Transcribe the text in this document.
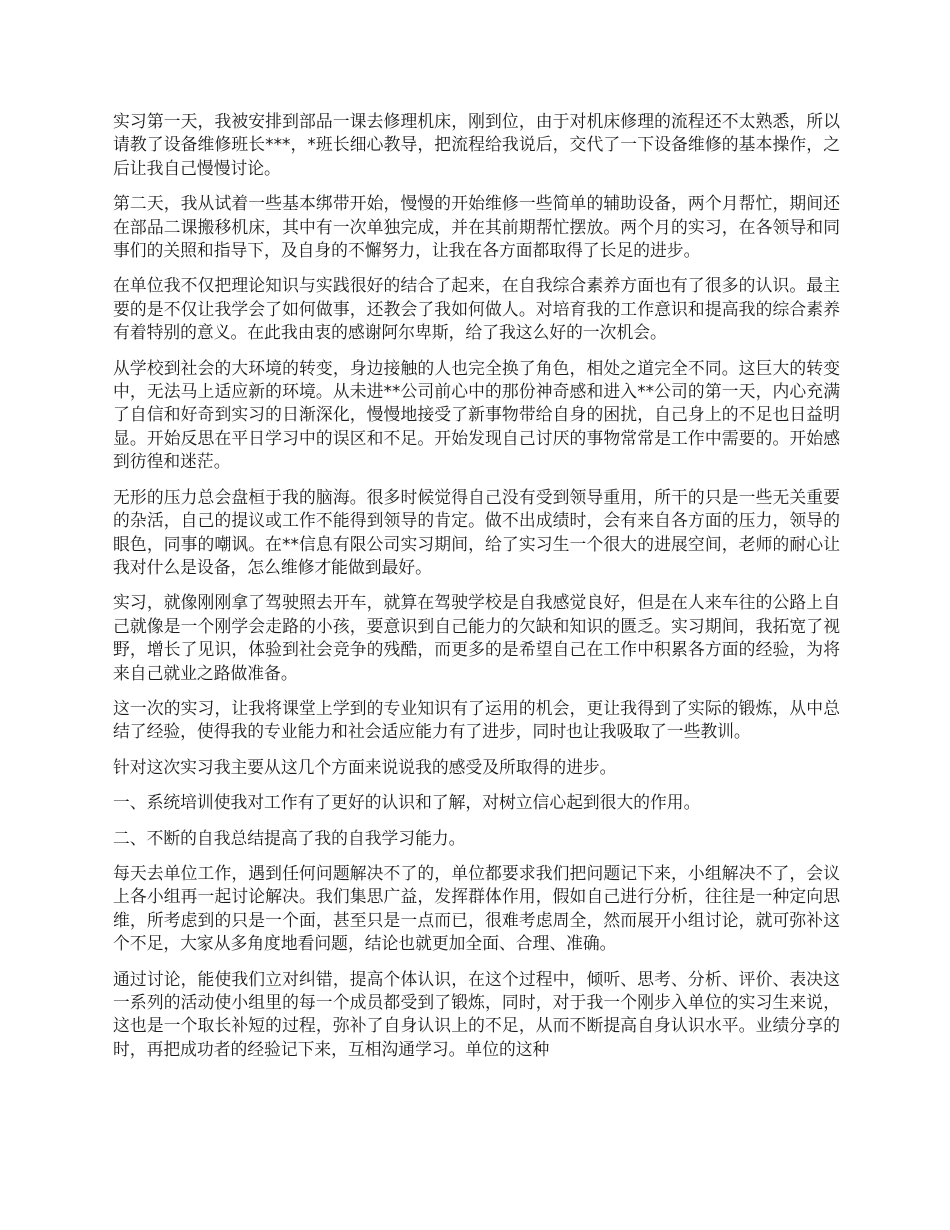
实习第一天，我被安排到部品一课去修理机床，刚到位，由于对机床修理的流程还不太熟悉，所以请教了设备维修班长***，*班长细心教导，把流程给我说后，交代了一下设备维修的基本操作，之后让我自己慢慢讨论。

第二天，我从试着一些基本绑带开始，慢慢的开始维修一些简单的辅助设备，两个月帮忙，期间还在部品二课搬移机床，其中有一次单独完成，并在其前期帮忙摆放。两个月的实习，在各领导和同事们的关照和指导下，及自身的不懈努力，让我在各方面都取得了长足的进步。

在单位我不仅把理论知识与实践很好的结合了起来，在自我综合素养方面也有了很多的认识。最主要的是不仅让我学会了如何做事，还教会了我如何做人。对培育我的工作意识和提高我的综合素养有着特别的意义。在此我由衷的感谢阿尔卑斯，给了我这么好的一次机会。

从学校到社会的大环境的转变，身边接触的人也完全换了角色，相处之道完全不同。这巨大的转变中，无法马上适应新的环境。从未进**公司前心中的那份神奇感和进入**公司的第一天，内心充满了自信和好奇到实习的日渐深化，慢慢地接受了新事物带给自身的困扰，自己身上的不足也日益明显。开始反思在平日学习中的误区和不足。开始发现自己讨厌的事物常常是工作中需要的。开始感到彷徨和迷茫。

无形的压力总会盘桓于我的脑海。很多时候觉得自己没有受到领导重用，所干的只是一些无关重要的杂活，自己的提议或工作不能得到领导的肯定。做不出成绩时，会有来自各方面的压力，领导的眼色，同事的嘲讽。在**信息有限公司实习期间，给了实习生一个很大的进展空间，老师的耐心让我对什么是设备，怎么维修才能做到最好。

实习，就像刚刚拿了驾驶照去开车，就算在驾驶学校是自我感觉良好，但是在人来车往的公路上自己就像是一个刚学会走路的小孩，要意识到自己能力的欠缺和知识的匮乏。实习期间，我拓宽了视野，增长了见识，体验到社会竞争的残酷，而更多的是希望自己在工作中积累各方面的经验，为将来自己就业之路做准备。

这一次的实习，让我将课堂上学到的专业知识有了运用的机会，更让我得到了实际的锻炼，从中总结了经验，使得我的专业能力和社会适应能力有了进步，同时也让我吸取了一些教训。

针对这次实习我主要从这几个方面来说说我的感受及所取得的进步。

一、系统培训使我对工作有了更好的认识和了解，对树立信心起到很大的作用。

二、不断的自我总结提高了我的自我学习能力。

每天去单位工作，遇到任何问题解决不了的，单位都要求我们把问题记下来，小组解决不了，会议上各小组再一起讨论解决。我们集思广益，发挥群体作用，假如自己进行分析，往往是一种定向思维，所考虑到的只是一个面，甚至只是一点而已，很难考虑周全，然而展开小组讨论，就可弥补这个不足，大家从多角度地看问题，结论也就更加全面、合理、准确。

通过讨论，能使我们立对纠错，提高个体认识，在这个过程中，倾听、思考、分析、评价、表决这一系列的活动使小组里的每一个成员都受到了锻炼，同时，对于我一个刚步入单位的实习生来说，这也是一个取长补短的过程，弥补了自身认识上的不足，从而不断提高自身认识水平。业绩分享的时，再把成功者的经验记下来，互相沟通学习。单位的这种
